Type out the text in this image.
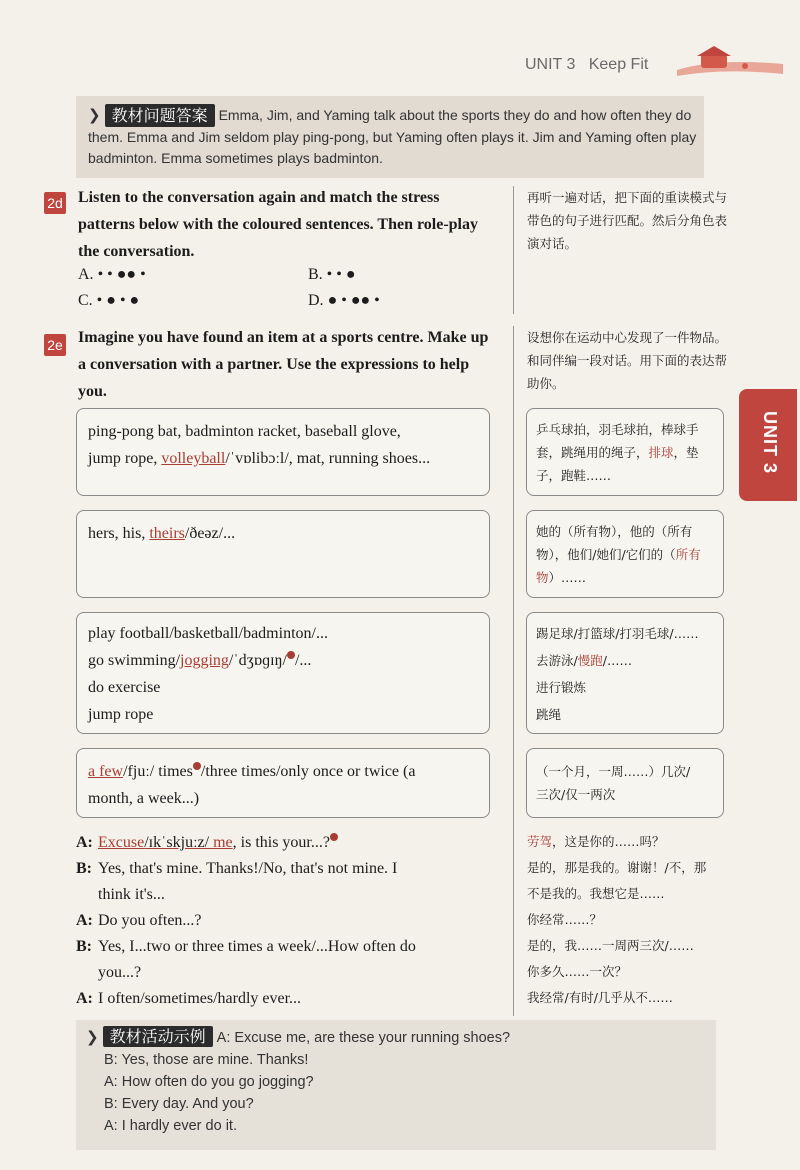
UNIT 3 Keep Fit
UNIT 3
❯ 教材问题答案 Emma, Jim, and Yaming talk about the sports they do and how often they do them. Emma and Jim seldom play ping-pong, but Yaming often plays it. Jim and Yaming often play badminton. Emma sometimes plays badminton.
2d Listen to the conversation again and match the stress patterns below with the coloured sentences. Then role-play the conversation.
再听一遍对话，把下面的重读模式与带色的句子进行匹配。然后分角色表演对话。
A. • • ●● •	B. • • ●
C. • ● • ●	D. ● • ●● •
2e Imagine you have found an item at a sports centre. Make up a conversation with a partner. Use the expressions to help you.
设想你在运动中心发现了一件物品。和同伴编一段对话。用下面的表达帮助你。
ping-pong bat, badminton racket, baseball glove,
jump rope, volleyball/ˈvɒlibɔːl/, mat, running shoes...
乒乓球拍，羽毛球拍，棒球手套，跳绳用的绳子，排球，垫子，跑鞋……
hers, his, theirs/ðeəz/...	她的（所有物），他的（所有物），他们/她们/它们的（所有物）……
play football/basketball/badminton/...
go swimming/jogging/ˈdʒɒɡɪŋ/ /...
do exercise
jump rope
踢足球/打篮球/打羽毛球/……
去游泳/慢跑/……
进行锻炼
跳绳
a few/fjuː/ times /three times/only once or twice (a
month, a week...)
（一个月，一周……）几次/
三次/仅一两次
A: Excuse/ɪkˈskjuːz/ me, is this your...?
B: Yes, that's mine. Thanks!/No, that's not mine. I
think it's...
A: Do you often...?
B: Yes, I...two or three times a week/...How often do
you...?
A: I often/sometimes/hardly ever...
劳驾，这是你的……吗？
是的，那是我的。谢谢！/不，那
不是我的。我想它是……
你经常……？
是的，我……一周两三次/……
你多久……一次？
我经常/有时/几乎从不……
❯ 教材活动示例 A: Excuse me, are these your running shoes?
B: Yes, those are mine. Thanks!
A: How often do you go jogging?
B: Every day. And you?
A: I hardly ever do it.
